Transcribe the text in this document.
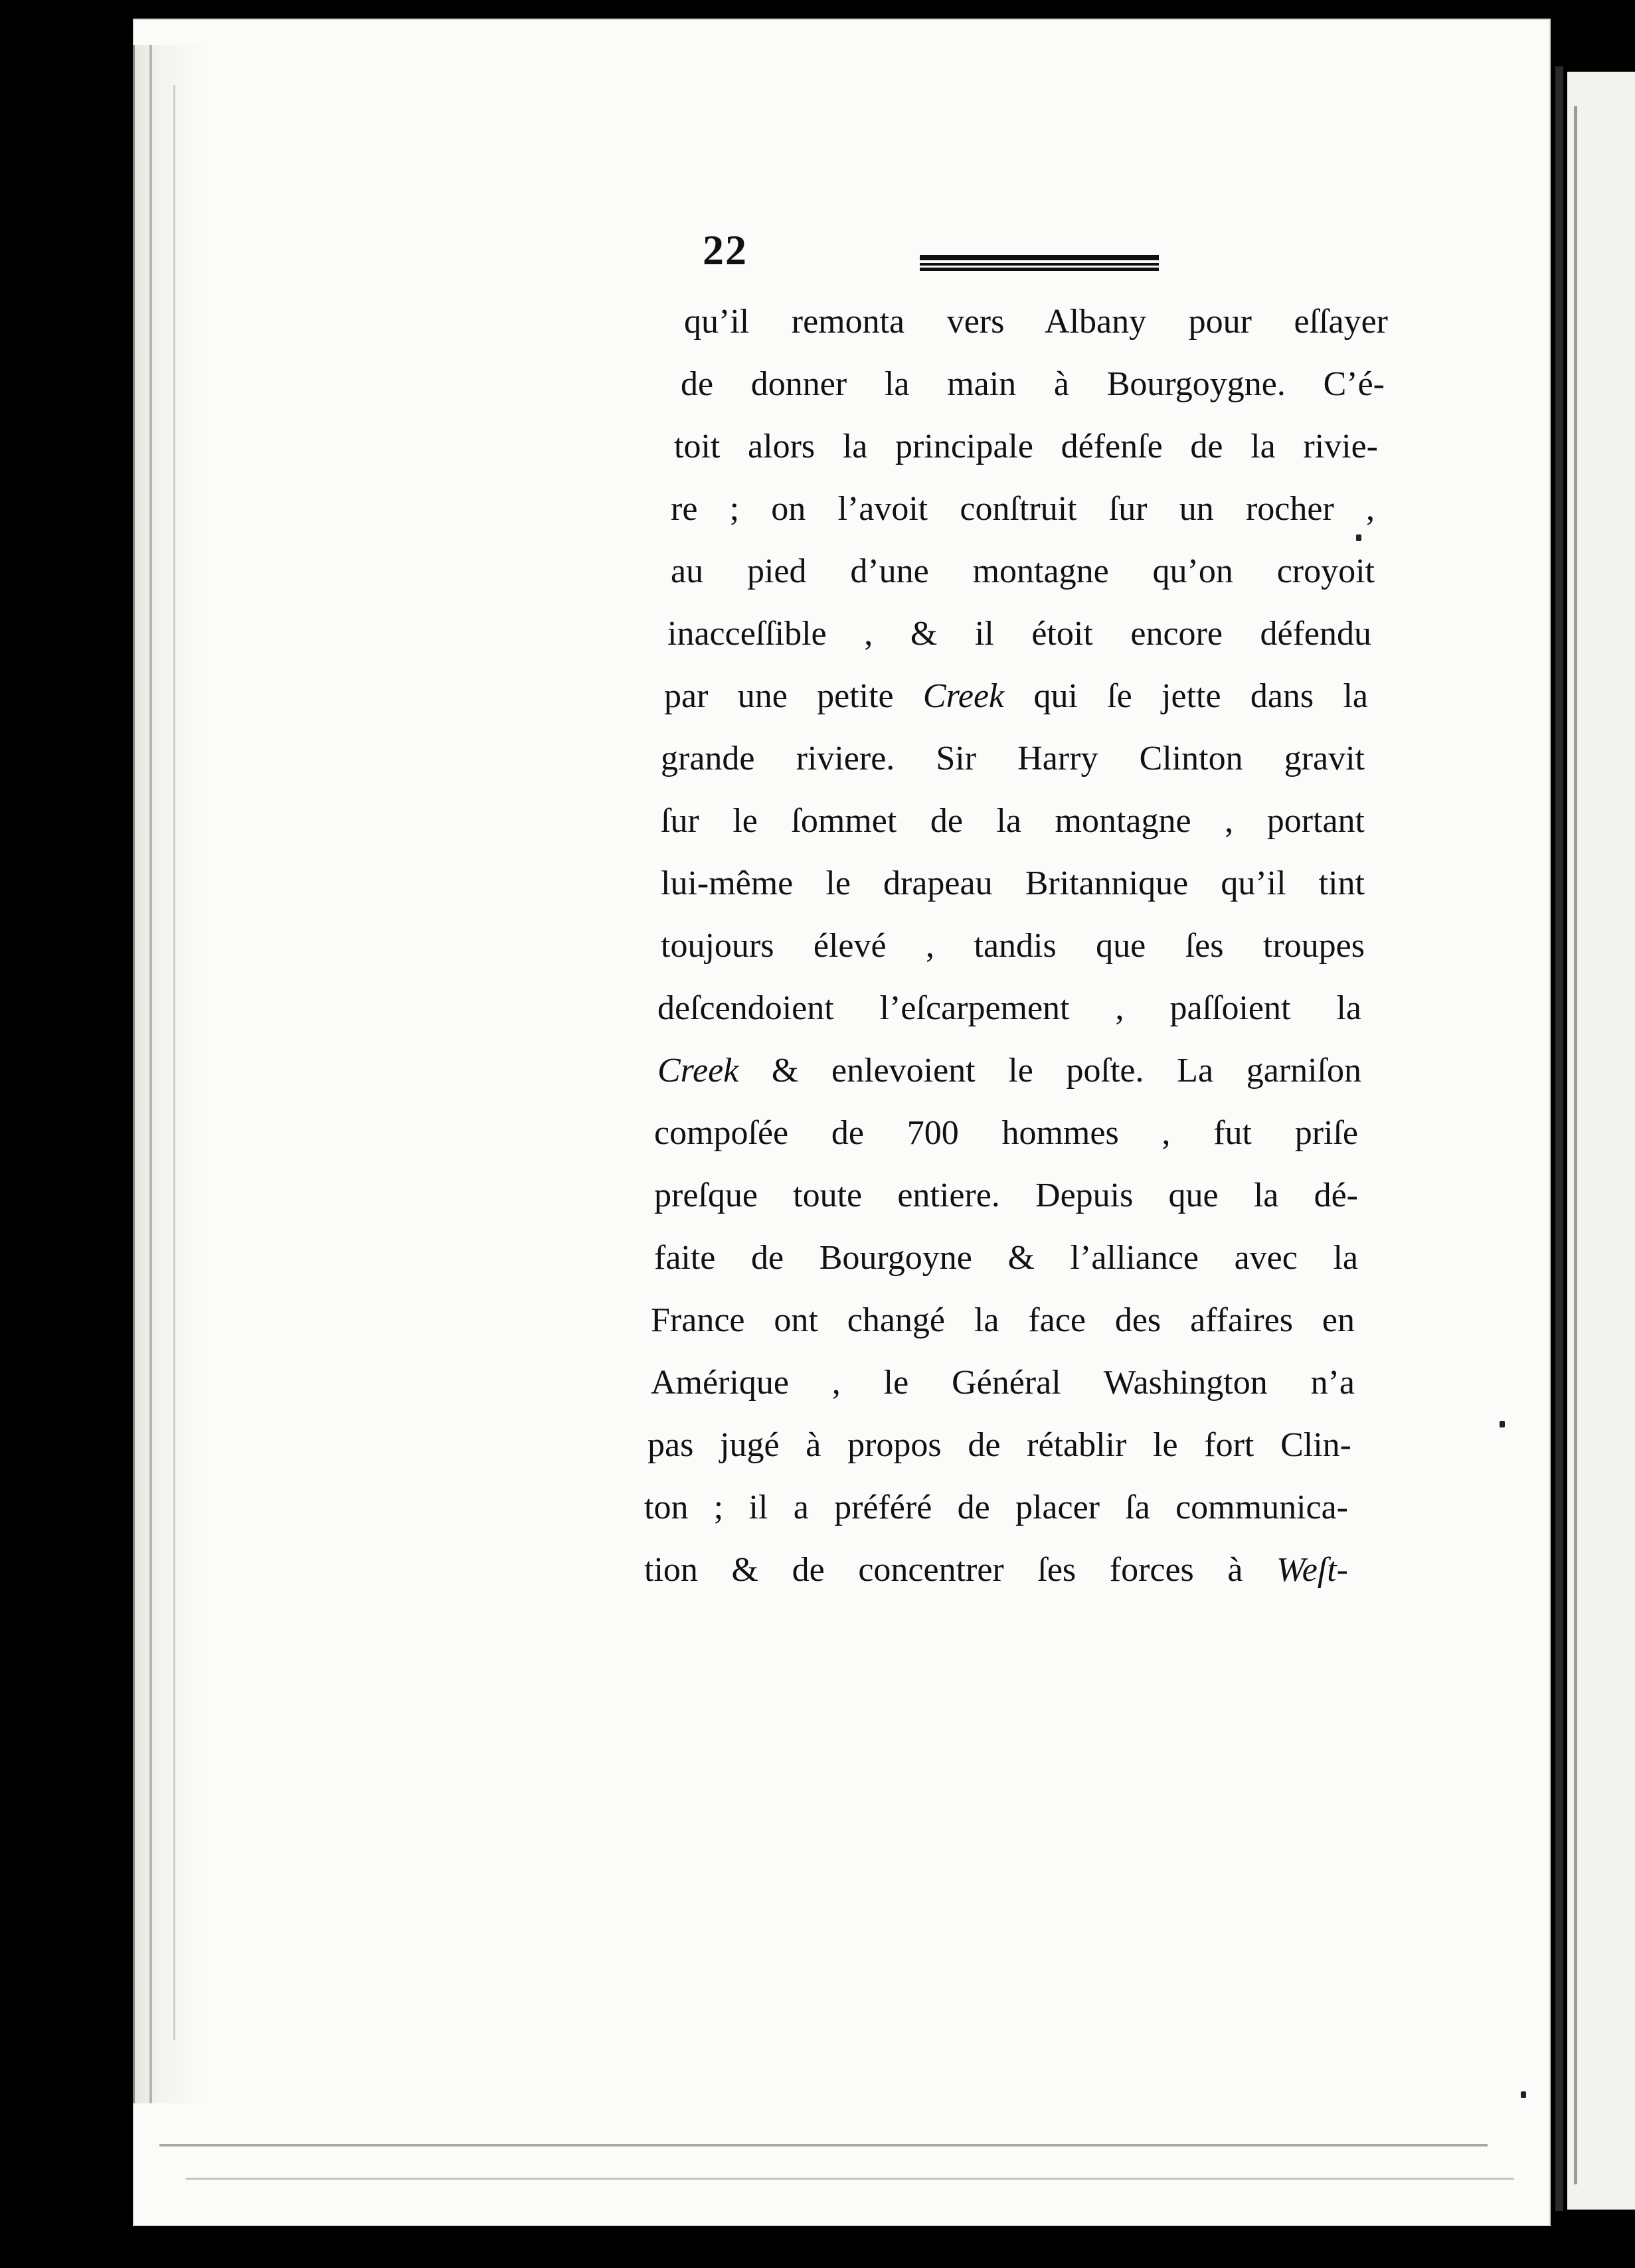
22
qu’il remonta vers Albany pour eſſayer
de donner la main à Bourgoygne. C’é-
toit alors la principale défenſe de la rivie-
re ; on l’avoit conſtruit ſur un rocher ,
au pied d’une montagne qu’on croyoit
inacceſſible , & il étoit encore défendu
par une petite Creek qui ſe jette dans la
grande riviere. Sir Harry Clinton gravit
ſur le ſommet de la montagne , portant
lui-même le drapeau Britannique qu’il tint
toujours élevé , tandis que ſes troupes
deſcendoient l’eſcarpement , paſſoient la
Creek & enlevoient le poſte. La garniſon
compoſée de 700 hommes , fut priſe
preſque toute entiere. Depuis que la dé-
faite de Bourgoyne & l’alliance avec la
France ont changé la face des affaires en
Amérique , le Général Washington n’a
pas jugé à propos de rétablir le fort Clin-
ton ; il a préféré de placer ſa communica-
tion & de concentrer ſes forces à Weſt-
